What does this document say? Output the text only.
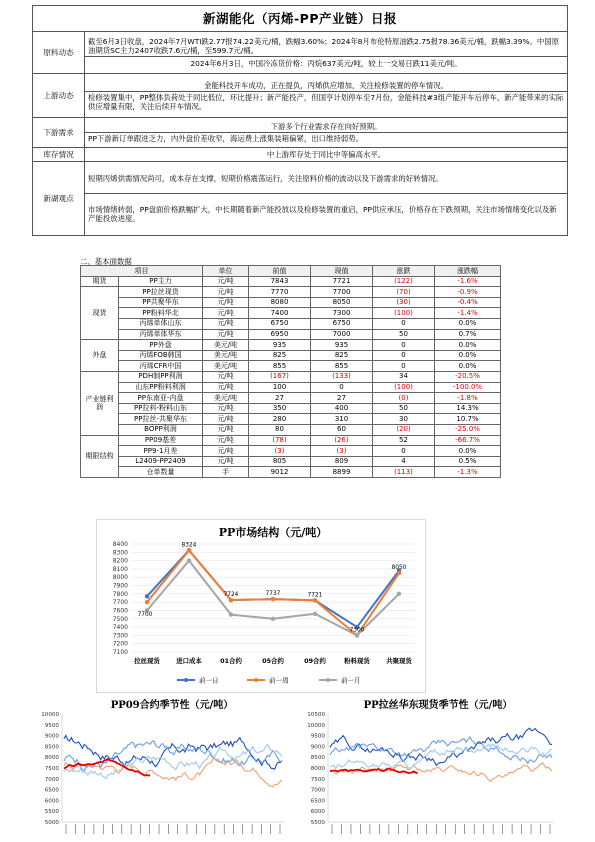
新湖能化（丙烯-PP产业链）日报	
原料动态	截至6月3日收盘，2024年7月WTI跌2.77报74.22美元/桶，跌幅3.60%；2024年8月布伦特原油跌2.75报78.36美元/桶，跌幅3.39%。中国原油期货SC主力2407收跌7.6元/桶，至599.7元/桶。
2024年6月3日，中国冷冻货价格：丙烷637美元/吨，较上一交易日跌11美元/吨。

上游动态	金能科技开车成功，正在提负，丙烯供应增加，关注检修装置的停车情况。
检修装置集中，PP整体负荷处于同比低位，环比提升；新产能投产，但国亨计划停车至7月份，金能科技#3组产能开车后停车，新产能带来的实际供应增量有限，关注后续开车情况。

下游需求	下游多个行业需求存在向好预期。
PP下游新订单跟进乏力，内外盘价差收窄，海运费上涨集装箱偏紧，出口维持弱势。

库存情况	中上游库存处于同比中等偏高水平。
新湖观点	短期丙烯供需情况尚可，成本存在支撑，短期价格震荡运行，关注原料价格的波动以及下游需求的好转情况。
市场情绪转弱，PP盘面价格跌幅扩大，中长期随着新产能投放以及检修装置的重启，PP供应承压，价格存在下跌预期，关注市场情绪变化以及新产能投放进度。
二、基本面数据
项目		单位	前值	现值	涨跌	涨跌幅
期货	PP主力	元/吨	7843	7721	(122)	-1.6%
现货	PP拉丝现货	元/吨	7770	7700	(70)	-0.9%
	PP共聚华东	元/吨	8080	8050	(30)	-0.4%
	PP粉料华北	元/吨	7400	7300	(100)	-1.4%
	丙烯单体山东	元/吨	6750	6750	0	0.0%
	丙烯单体华东	元/吨	6950	7000	50	0.7%
外盘	PP外盘	美元/吨	935	935	0	0.0%
	丙烯FOB韩国	美元/吨	825	825	0	0.0%
	丙烯CFR中国	美元/吨	855	855	0	0.0%
产业链利润	PDH制PP利润	元/吨	(167)	(133)	34	-20.5%
	山东PP粉料利润	元/吨	100	0	(100)	-100.0%
	PP东南亚-内盘	美元/吨	27	27	(0)	-1.8%
	PP拉料-粉料山东	元/吨	350	400	50	14.3%
	PP拉丝-共聚华东	元/吨	280	310	30	10.7%
	BOPP利润	元/吨	80	60	(20)	-25.0%
期限结构	PP09基差	元/吨	(78)	(26)	52	-66.7%
	PP9-1月差	元/吨	(3)	(3)	0	0.0%
	L2409-PP2409	元/吨	805	809	4	0.5%
	仓单数量	手	9012	8899	(113)	-1.3%
PP市场结构（元/吨）
7100
7200
7300
7400
7500
7600
7700
7800
7900
8000
8100
8200
8300
8400
拉丝现货	进口成本	01合约	05合约	09合约	粉料现货	共聚现货
7700
8324
7724	7737	7721
7300
8050
前一日	前一周	前一月
PP09合约季节性（元/吨）
5000
5500
6000
6500
7000
7500
8000
8500
9000
9500
10000
PP拉丝华东现货季节性（元/吨）
5500
6000
6500
7000
7500
8000
8500
9000
9500
10000
10500
